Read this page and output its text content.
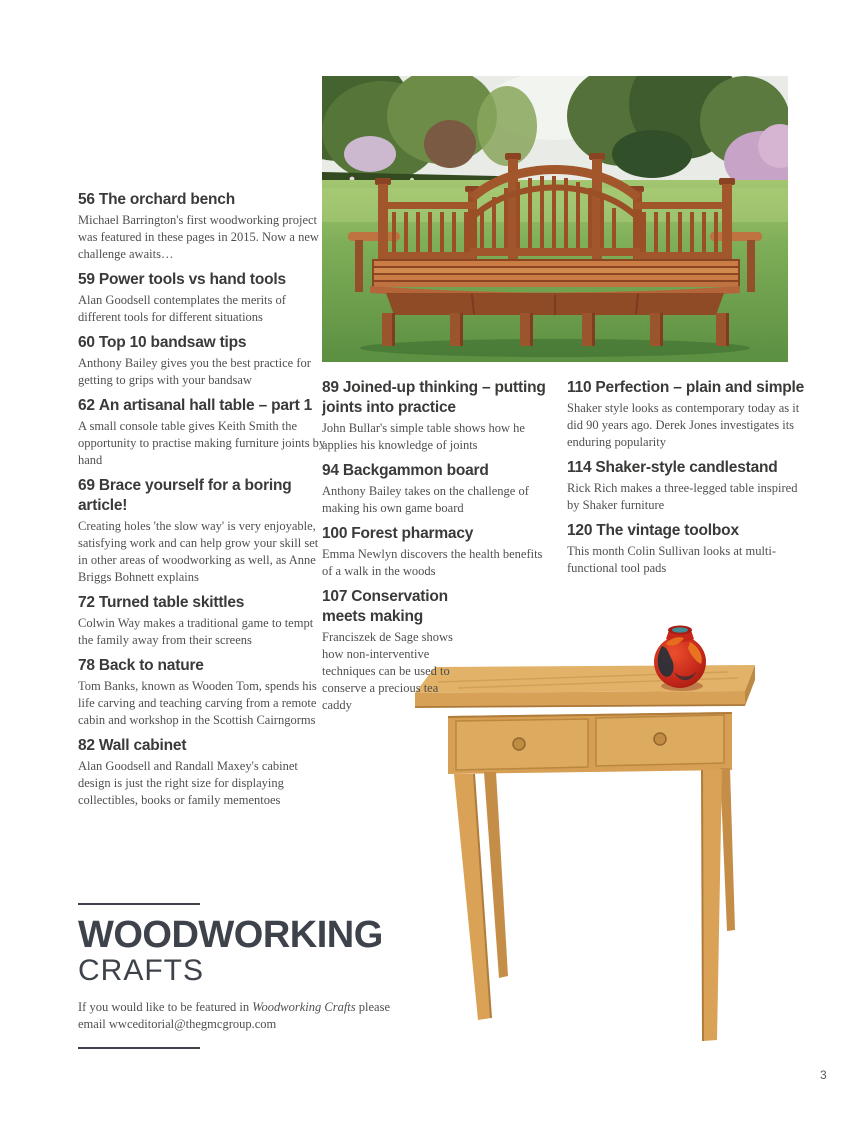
56 The orchard bench

Michael Barrington's first woodworking project was featured in these pages in 2015. Now a new challenge awaits…

59 Power tools vs hand tools

Alan Goodsell contemplates the merits of different tools for different situations

60 Top 10 bandsaw tips

Anthony Bailey gives you the best practice for getting to grips with your bandsaw

62 An artisanal hall table – part 1

A small console table gives Keith Smith the opportunity to practise making furniture joints by hand

69 Brace yourself for a boring article!

Creating holes 'the slow way' is very enjoyable, satisfying work and can help grow your skill set in other areas of woodworking as well, as Anne Briggs Bohnett explains

72 Turned table skittles

Colwin Way makes a traditional game to tempt the family away from their screens

78 Back to nature

Tom Banks, known as Wooden Tom, spends his life carving and teaching carving from a remote cabin and workshop in the Scottish Cairngorms

82 Wall cabinet

Alan Goodsell and Randall Maxey's cabinet design is just the right size for displaying collectibles, books or family mementoes

89 Joined-up thinking – putting joints into practice

John Bullar's simple table shows how he applies his knowledge of joints

94 Backgammon board

Anthony Bailey takes on the challenge of making his own game board

100 Forest pharmacy

Emma Newlyn discovers the health benefits of a walk in the woods

107 Conservation meets making

Franciszek de Sage shows how non-interventive techniques can be used to conserve a precious tea caddy

110 Perfection – plain and simple

Shaker style looks as contemporary today as it did 90 years ago. Derek Jones investigates its enduring popularity

114 Shaker-style candlestand

Rick Rich makes a three-legged table inspired by Shaker furniture

120 The vintage toolbox

This month Colin Sullivan looks at multi-functional tool pads

WOODWORKING
CRAFTS

If you would like to be featured in Woodworking Crafts please email wwceditorial@thegmcgroup.com

3
